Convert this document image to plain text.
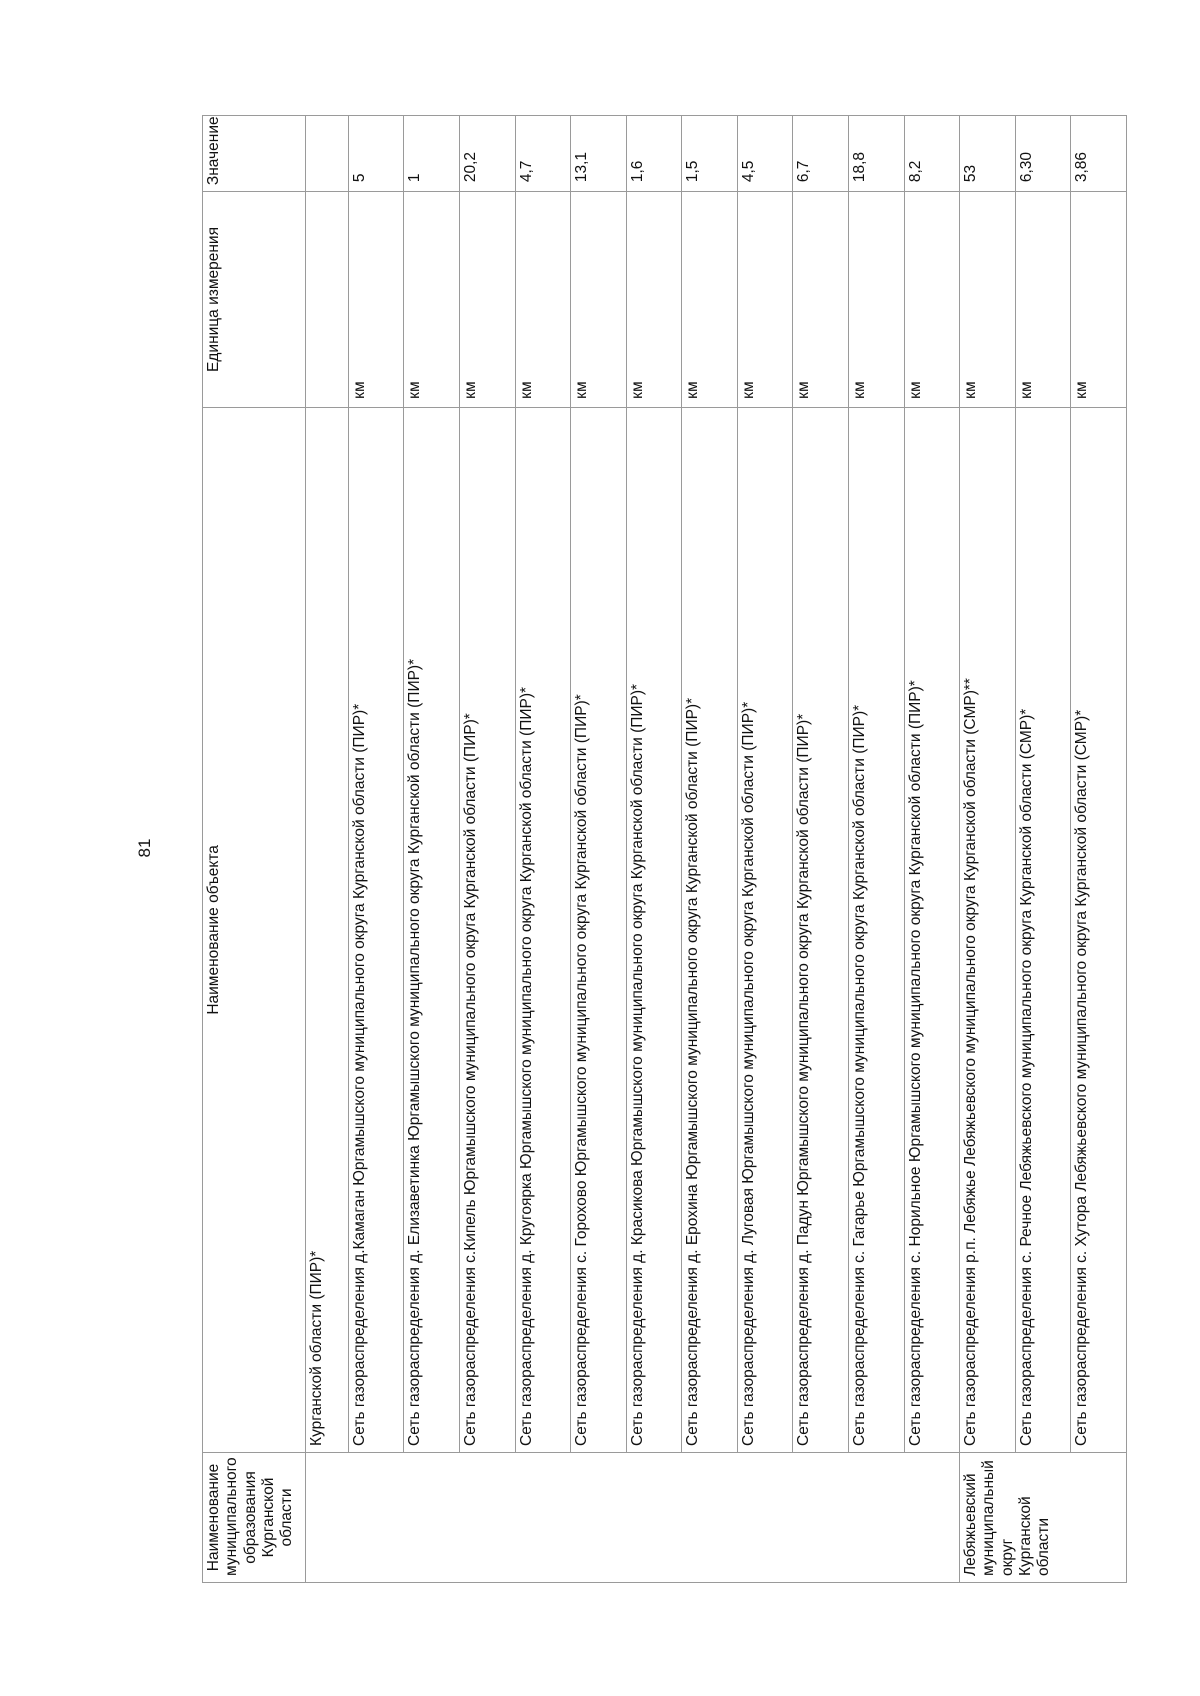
81
Наименование муниципального образования Курганской области	Наименование объекта	Единица измерения	Значение
	Курганской области (ПИР)*		
	Сеть газораспределения д.Камаган Юргамышского муниципального округа Курганской области (ПИР)*	км	5
	Сеть газораспределения д. Елизаветинка Юргамышского муниципального округа Курганской области (ПИР)*	км	1
	Сеть газораспределения с.Кипель Юргамышского муниципального округа Курганской области (ПИР)*	км	20,2
	Сеть газораспределения д. Кругоярка Юргамышского муниципального округа Курганской области (ПИР)*	км	4,7
	Сеть газораспределения с. Горохово Юргамышского муниципального округа Курганской области (ПИР)*	км	13,1
	Сеть газораспределения д. Красикова Юргамышского муниципального округа Курганской области (ПИР)*	км	1,6
	Сеть газораспределения д. Ерохина Юргамышского муниципального округа Курганской области (ПИР)*	км	1,5
	Сеть газораспределения д. Луговая Юргамышского муниципального округа Курганской области (ПИР)*	км	4,5
	Сеть газораспределения д. Падун Юргамышского муниципального округа Курганской области (ПИР)*	км	6,7
	Сеть газораспределения с. Гагарье Юргамышского муниципального округа Курганской области (ПИР)*	км	18,8
	Сеть газораспределения с. Норильное Юргамышского муниципального округа Курганской области (ПИР)*	км	8,2
Лебяжьевский муниципальный округ Курганской области	Сеть газораспределения р.п. Лебяжье Лебяжьевского муниципального округа Курганской области (СМР)**	км	53
	Сеть газораспределения с. Речное Лебяжьевского муниципального округа Курганской области (СМР)*	км	6,30
	Сеть газораспределения с. Хутора Лебяжьевского муниципального округа Курганской области (СМР)*	км	3,86
